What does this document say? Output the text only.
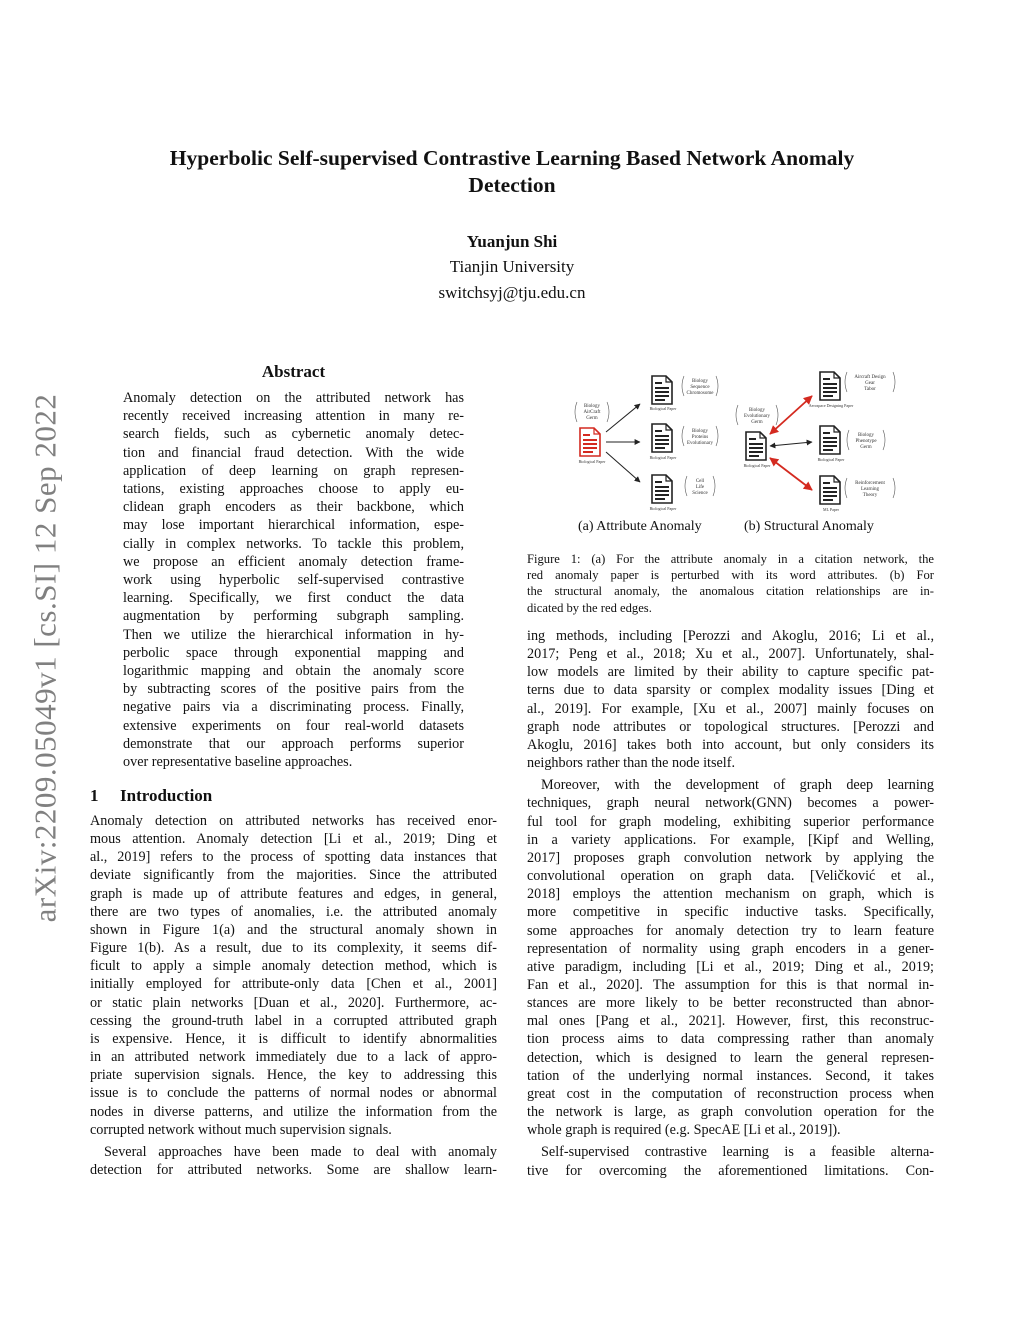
arXiv:2209.05049v1 [cs.SI] 12 Sep 2022
Hyperbolic Self-supervised Contrastive Learning Based Network Anomaly
Detection
Yuanjun Shi
Tianjin University
switchsyj@tju.edu.cn
Abstract
Anomaly detection on the attributed network has
recently received increasing attention in many re-
search fields, such as cybernetic anomaly detec-
tion and financial fraud detection. With the wide
application of deep learning on graph represen-
tations, existing approaches choose to apply eu-
clidean graph encoders as their backbone, which
may lose important hierarchical information, espe-
cially in complex networks. To tackle this problem,
we propose an efficient anomaly detection frame-
work using hyperbolic self-supervised contrastive
learning. Specifically, we first conduct the data
augmentation by performing subgraph sampling.
Then we utilize the hierarchical information in hy-
perbolic space through exponential mapping and
logarithmic mapping and obtain the anomaly score
by subtracting scores of the positive pairs from the
negative pairs via a discriminating process. Finally,
extensive experiments on four real-world datasets
demonstrate that our approach performs superior
over representative baseline approaches.
1 Introduction
Anomaly detection on attributed networks has received enor-
mous attention. Anomaly detection [Li et al., 2019; Ding et
al., 2019] refers to the process of spotting data instances that
deviate significantly from the majorities. Since the attributed
graph is made up of attribute features and edges, in general,
there are two types of anomalies, i.e. the attributed anomaly
shown in Figure 1(a) and the structural anomaly shown in
Figure 1(b). As a result, due to its complexity, it seems dif-
ficult to apply a simple anomaly detection method, which is
initially employed for attribute-only data [Chen et al., 2001]
or static plain networks [Duan et al., 2020]. Furthermore, ac-
cessing the ground-truth label in a corrupted attributed graph
is expensive. Hence, it is difficult to identify abnormalities
in an attributed network immediately due to a lack of appro-
priate supervision signals. Hence, the key to addressing this
issue is to conclude the patterns of normal nodes or abnormal
nodes in diverse patterns, and utilize the information from the
corrupted network without much supervision signals.
Several approaches have been made to deal with anomaly
detection for attributed networks. Some are shallow learn-
Biology
AirCraft
Germ
Biological Paper
Biological Paper
Biology
Sequence
Chromosome
Biological Paper
Biology
Proteins
Evolutionary
Biological Paper
Cell
Life
Science
Biology
Evolutionary
Germ
Biological Paper
Aerospace Designing Paper
Aircraft Design
Gear
Tabor
Biological Paper
Biology
Phenotype
Germ
ML Paper
Reinforcement
Learning
Theory
(a) Attribute Anomaly	(b) Structural Anomaly
Figure 1: (a) For the attribute anomaly in a citation network, the
red anomaly paper is perturbed with its word attributes. (b) For
the structural anomaly, the anomalous citation relationships are in-
dicated by the red edges.
ing methods, including [Perozzi and Akoglu, 2016; Li et al.,
2017; Peng et al., 2018; Xu et al., 2007]. Unfortunately, shal-
low models are limited by their ability to capture specific pat-
terns due to data sparsity or complex modality issues [Ding et
al., 2019]. For example, [Xu et al., 2007] mainly focuses on
graph node attributes or topological structures. [Perozzi and
Akoglu, 2016] takes both into account, but only considers its
neighbors rather than the node itself.
Moreover, with the development of graph deep learning
techniques, graph neural network(GNN) becomes a power-
ful tool for graph modeling, exhibiting superior performance
in a variety applications. For example, [Kipf and Welling,
2017] proposes graph convolution network by applying the
convolutional operation on graph data. [Veličković et al.,
2018] employs the attention mechanism on graph, which is
more competitive in specific inductive tasks. Specifically,
some approaches for anomaly detection try to learn feature
representation of normality using graph encoders in a gener-
ative paradigm, including [Li et al., 2019; Ding et al., 2019;
Fan et al., 2020]. The assumption for this is that normal in-
stances are more likely to be better reconstructed than abnor-
mal ones [Pang et al., 2021]. However, first, this reconstruc-
tion process aims to data compressing rather than anomaly
detection, which is designed to learn the general represen-
tation of the underlying normal instances. Second, it takes
great cost in the computation of reconstruction process when
the network is large, as graph convolution operation for the
whole graph is required (e.g. SpecAE [Li et al., 2019]).
Self-supervised contrastive learning is a feasible alterna-
tive for overcoming the aforementioned limitations. Con-
